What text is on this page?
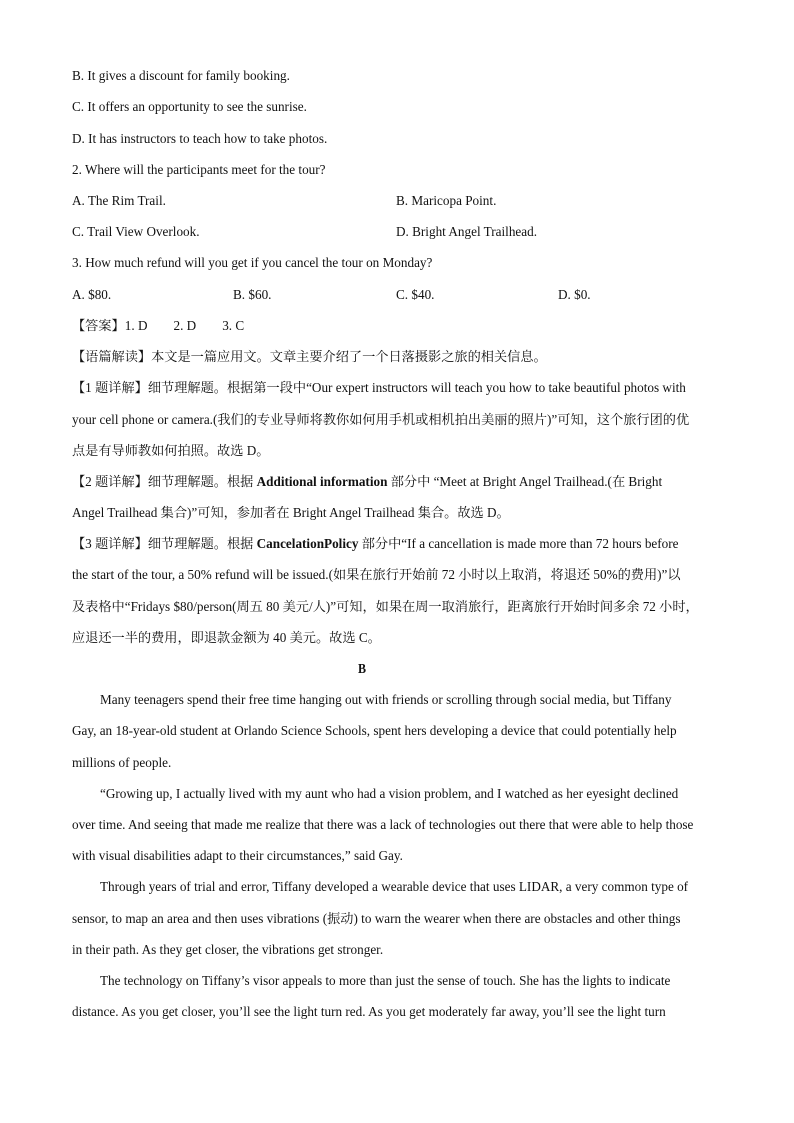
B. It gives a discount for family booking.
C. It offers an opportunity to see the sunrise.
D. It has instructors to teach how to take photos.
2. Where will the participants meet for the tour?
A. The Rim Trail.	B. Maricopa Point.
C. Trail View Overlook.	D. Bright Angel Trailhead.
3. How much refund will you get if you cancel the tour on Monday?
A. $80.	B. $60.	C. $40.	D. $0.
【答案】1. D 2. D 3. C
【语篇解读】本文是一篇应用文。文章主要介绍了一个日落摄影之旅的相关信息。
【1 题详解】细节理解题。根据第一段中“Our expert instructors will teach you how to take beautiful photos with
your cell phone or camera.(我们的专业导师将教你如何用手机或相机拍出美丽的照片)”可知，这个旅行团的优
点是有导师教如何拍照。故选 D。
【2 题详解】细节理解题。根据 Additional information 部分中 “Meet at Bright Angel Trailhead.(在 Bright
Angel Trailhead 集合)”可知，参加者在 Bright Angel Trailhead 集合。故选 D。
【3 题详解】细节理解题。根据 CancelationPolicy 部分中“If a cancellation is made more than 72 hours before
the start of the tour, a 50% refund will be issued.(如果在旅行开始前 72 小时以上取消，将退还 50%的费用)”以
及表格中“Fridays $80/person(周五 80 美元/人)”可知，如果在周一取消旅行，距离旅行开始时间多余 72 小时，
应退还一半的费用，即退款金额为 40 美元。故选 C。
B
Many teenagers spend their free time hanging out with friends or scrolling through social media, but Tiffany
Gay, an 18-year-old student at Orlando Science Schools, spent hers developing a device that could potentially help
millions of people.
“Growing up, I actually lived with my aunt who had a vision problem, and I watched as her eyesight declined
over time. And seeing that made me realize that there was a lack of technologies out there that were able to help those
with visual disabilities adapt to their circumstances,” said Gay.
Through years of trial and error, Tiffany developed a wearable device that uses LIDAR, a very common type of
sensor, to map an area and then uses vibrations (振动) to warn the wearer when there are obstacles and other things
in their path. As they get closer, the vibrations get stronger.
The technology on Tiffany’s visor appeals to more than just the sense of touch. She has the lights to indicate
distance. As you get closer, you’ll see the light turn red. As you get moderately far away, you’ll see the light turn
